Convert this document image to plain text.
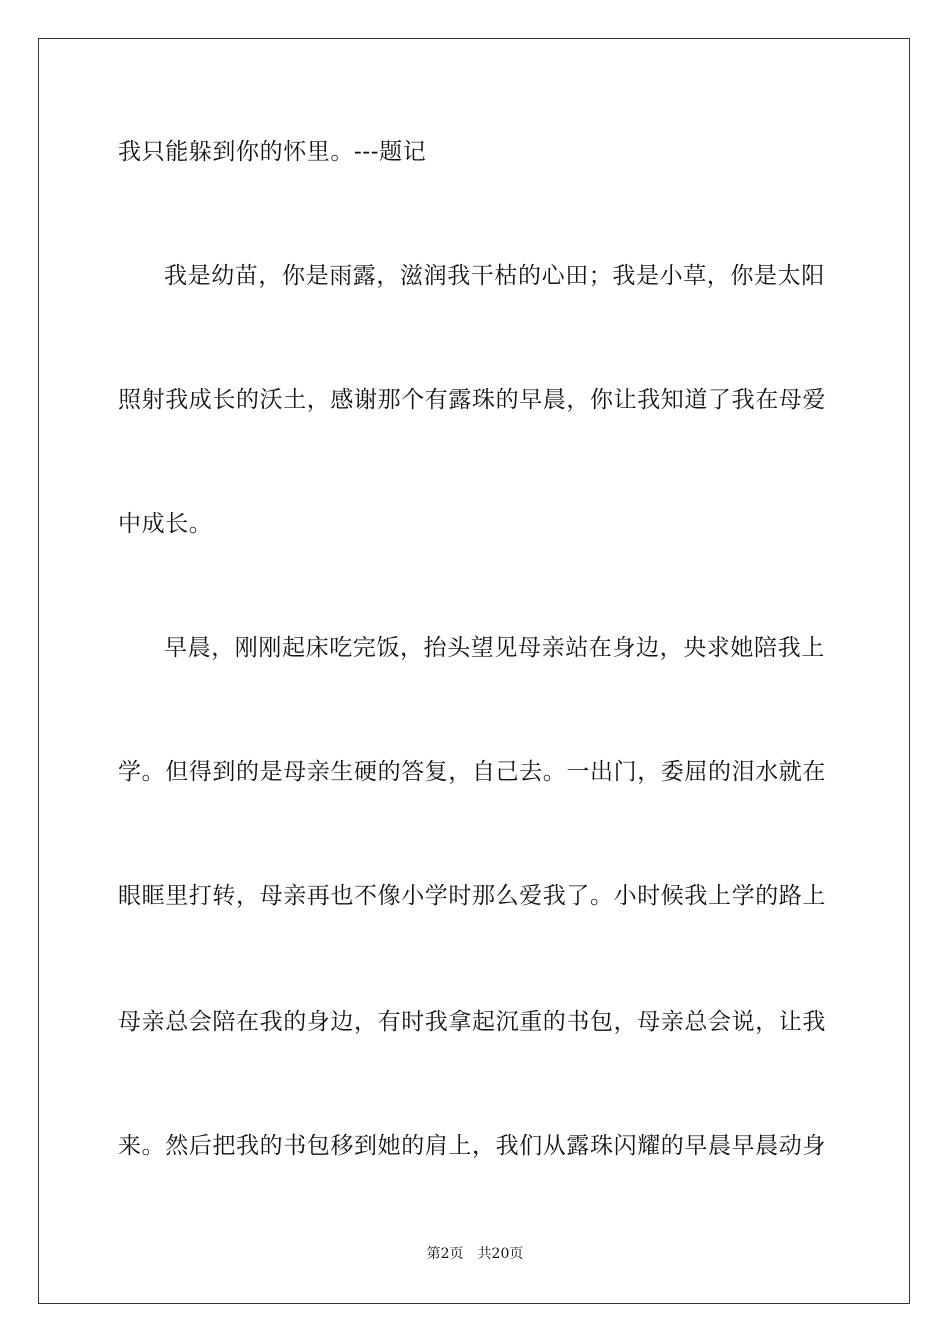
我只能躲到你的怀里。---题记
我是幼苗，你是雨露，滋润我干枯的心田；我是小草，你是太阳
照射我成长的沃土，感谢那个有露珠的早晨，你让我知道了我在母爱
中成长。
早晨，刚刚起床吃完饭，抬头望见母亲站在身边，央求她陪我上
学。但得到的是母亲生硬的答复，自己去。一出门，委屈的泪水就在
眼眶里打转，母亲再也不像小学时那么爱我了。小时候我上学的路上
母亲总会陪在我的身边，有时我拿起沉重的书包，母亲总会说，让我
来。然后把我的书包移到她的肩上，我们从露珠闪耀的早晨早晨动身
第2页 共20页
